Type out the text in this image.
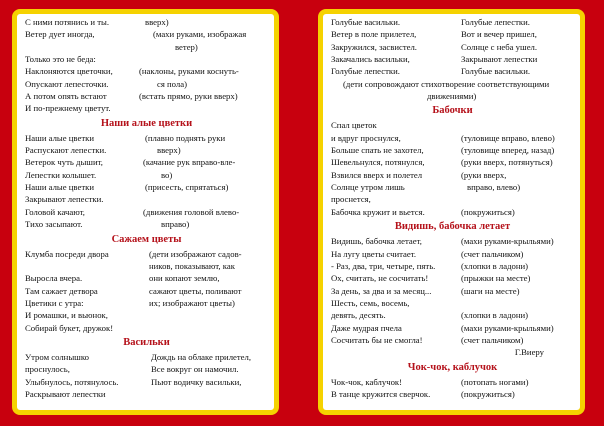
С ними потянись и ты.	вверх)
Ветер дует иногда,	(махи руками, изображая
ветер)
Только это не беда:
Наклоняются цветочки,	(наклоны, руками коснуть-
Опускают лепесточки.	ся пола)
А потом опять встают	(встать прямо, руки вверх)
И по-прежнему цветут.
Наши алые цветки
Наши алые цветки	(плавно поднять руки
Распускают лепестки.	вверх)
Ветерок чуть дышит,	(качание рук вправо-вле-
Лепестки колышет.	во)
Наши алые цветки	(присесть, спрятаться)
Закрывают лепестки.
Головой качают,	(движения головой влево-
Тихо засыпают.	вправо)
Сажаем цветы
Клумба посреди двора	(дети изображают садов-
ников, показывают, как
Выросла вчера.	они копают землю,
Там сажает детвора	сажают цветы, поливают
Цветики с утра:	их; изображают цветы)
И ромашки, и вьюнок,
Собирай букет, дружок!
Васильки
Утром солнышко	Дождь на облаке прилетел,
проснулось,	Все вокруг он намочил.
Улыбнулось, потянулось.	Пьют водичку васильки,
Раскрывают лепестки
Голубые васильки.	Голубые лепестки.
Ветер в поле прилетел,	Вот и вечер пришел,
Закружился, засвистел.	Солнце с неба ушел.
Закачались васильки,	Закрывают лепестки
Голубые лепестки.	Голубые васильки.
(дети сопровождают стихотворение соответствующими
движениями)
Бабочки
Спал цветок
и вдруг проснулся,	(туловище вправо, влево)
Больше спать не захотел,	(туловище вперед, назад)
Шевельнулся, потянулся,	(руки вверх, потянуться)
Взвился вверх и полетел	(руки вверх,
Солнце утром лишь	вправо, влево)
проснется,
Бабочка кружит и вьется.	(покружиться)
Видишь, бабочка летает
Видишь, бабочка летает,	(махи руками-крыльями)
На лугу цветы считает.	(счет пальчиком)
- Раз, два, три, четыре, пять.	(хлопки в ладони)
Ох, считать, не сосчитать!	(прыжки на месте)
За день, за два и за месяц...	(шаги на месте)
Шесть, семь, восемь,
девять, десять.	(хлопки в ладони)
Даже мудрая пчела	(махи руками-крыльями)
Сосчитать бы не смогла!	(счет пальчиком)
Г.Виеру
Чок-чок, каблучок
Чок-чок, каблучок!	(потопать ногами)
В танце кружится сверчок.	(покружиться)
